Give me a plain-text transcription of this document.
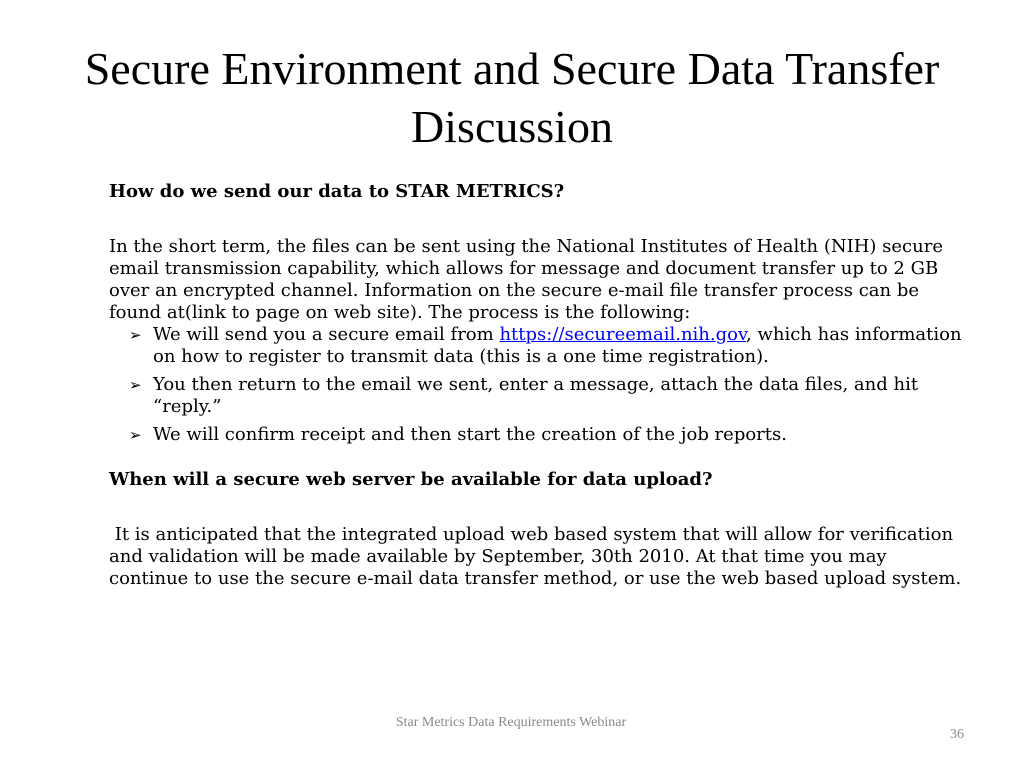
Secure Environment and Secure Data Transfer Discussion

How do we send our data to STAR METRICS?

In the short term, the files can be sent using the National Institutes of Health (NIH) secure email transmission capability, which allows for message and document transfer up to 2 GB over an encrypted channel. Information on the secure e-mail file transfer process can be found at(link to page on web site). The process is the following:

➢ We will send you a secure email from https://secureemail.nih.gov, which has information on how to register to transmit data (this is a one time registration).
➢ You then return to the email we sent, enter a message, attach the data files, and hit “reply.”
➢ We will confirm receipt and then start the creation of the job reports.

When will a secure web server be available for data upload?

It is anticipated that the integrated upload web based system that will allow for verification and validation will be made available by September, 30th 2010. At that time you may continue to use the secure e-mail data transfer method, or use the web based upload system.

Star Metrics Data Requirements Webinar
36
